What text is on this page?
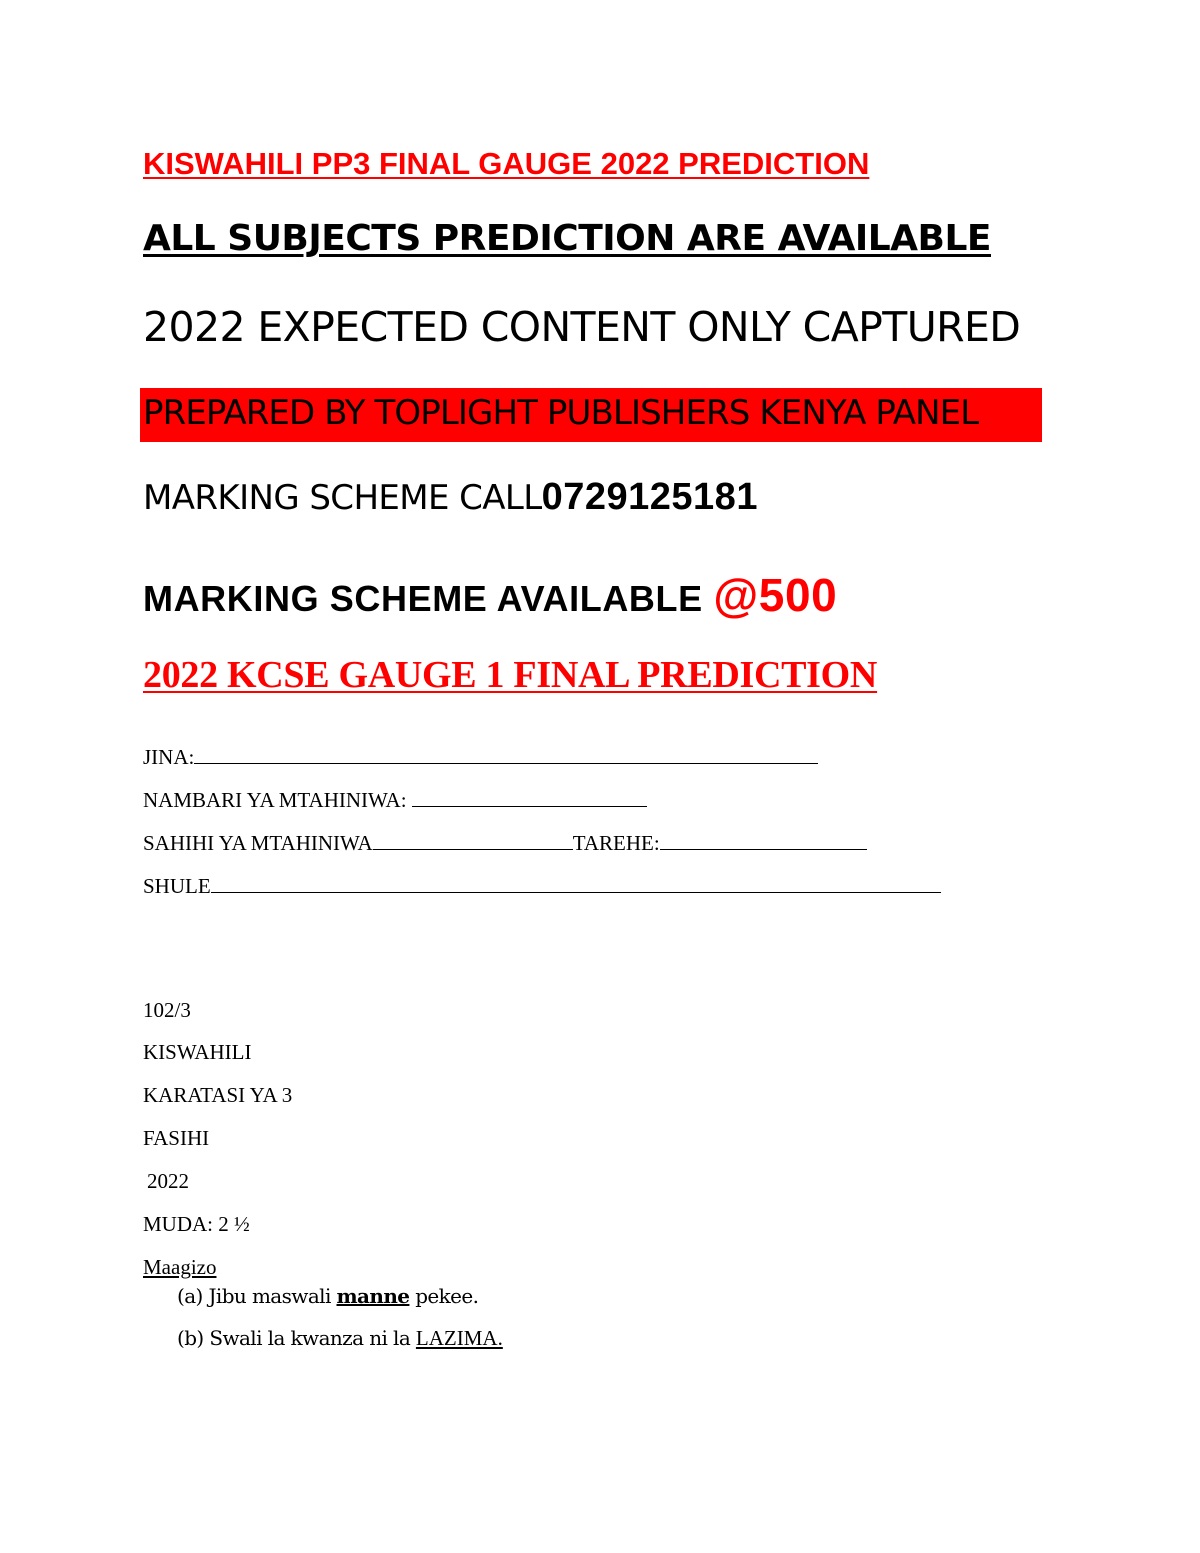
KISWAHILI PP3 FINAL GAUGE 2022 PREDICTION
ALL SUBJECTS PREDICTION ARE AVAILABLE
2022 EXPECTED CONTENT ONLY CAPTURED
PREPARED BY TOPLIGHT PUBLISHERS KENYA PANEL
MARKING SCHEME CALL0729125181
MARKING SCHEME AVAILABLE @500
2022 KCSE GAUGE 1 FINAL PREDICTION
JINA:
NAMBARI YA MTAHINIWA:
SAHIHI YA MTAHINIWA	TAREHE:
SHULE
102/3
KISWAHILI
KARATASI YA 3
FASIHI
2022
MUDA: 2 ½
Maagizo
(a) Jibu maswali manne pekee.
(b) Swali la kwanza ni la LAZIMA.
